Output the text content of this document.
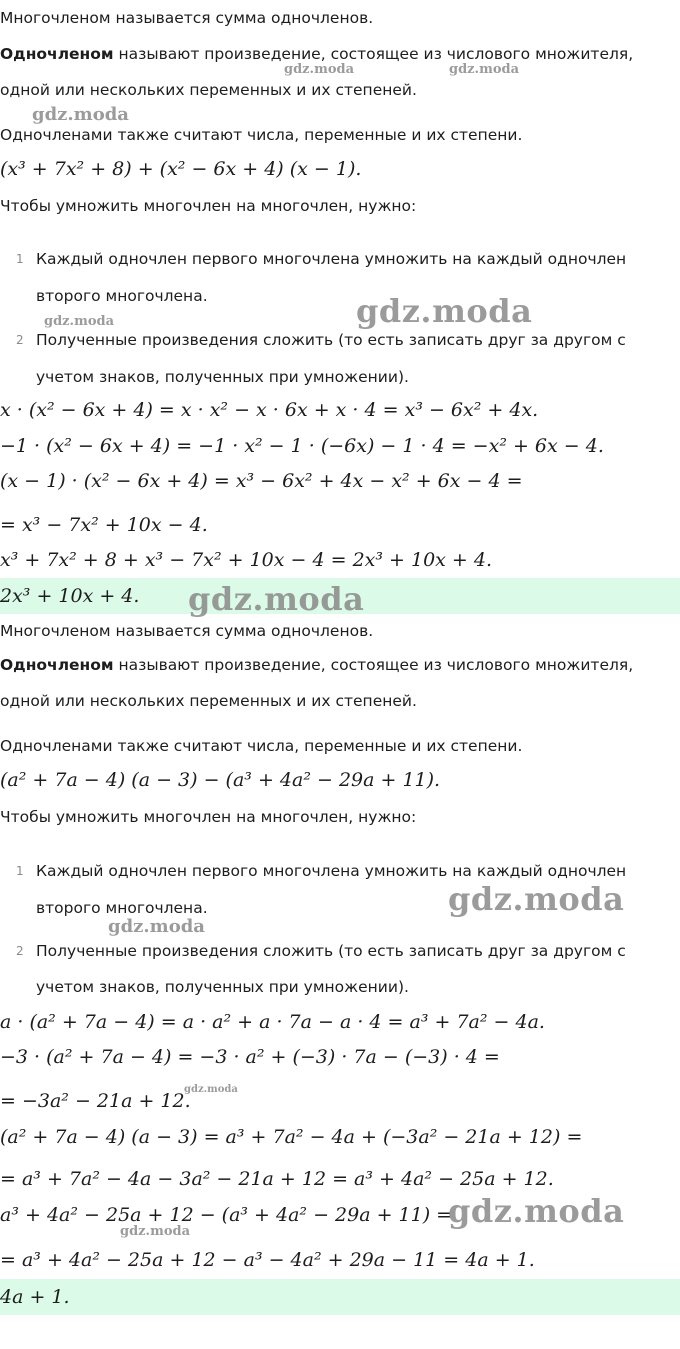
Многочленом называется сумма одночленов.
Одночленом называют произведение, состоящее из числового множителя,
одной или нескольких переменных и их степеней.
Одночленами также считают числа, переменные и их степени.
(x³ + 7x² + 8) + (x² − 6x + 4) (x − 1).
Чтобы умножить многочлен на многочлен, нужно:
1 Каждый одночлен первого многочлена умножить на каждый одночлен
второго многочлена.
2 Полученные произведения сложить (то есть записать друг за другом с
учетом знаков, полученных при умножении).
x · (x² − 6x + 4) = x · x² − x · 6x + x · 4 = x³ − 6x² + 4x.
−1 · (x² − 6x + 4) = −1 · x² − 1 · (−6x) − 1 · 4 = −x² + 6x − 4.
(x − 1) · (x² − 6x + 4) = x³ − 6x² + 4x − x² + 6x − 4 =
= x³ − 7x² + 10x − 4.
x³ + 7x² + 8 + x³ − 7x² + 10x − 4 = 2x³ + 10x + 4.
2x³ + 10x + 4.
Многочленом называется сумма одночленов.
Одночленом называют произведение, состоящее из числового множителя,
одной или нескольких переменных и их степеней.
Одночленами также считают числа, переменные и их степени.
(a² + 7a − 4) (a − 3) − (a³ + 4a² − 29a + 11).
Чтобы умножить многочлен на многочлен, нужно:
1 Каждый одночлен первого многочлена умножить на каждый одночлен
второго многочлена.
2 Полученные произведения сложить (то есть записать друг за другом с
учетом знаков, полученных при умножении).
a · (a² + 7a − 4) = a · a² + a · 7a − a · 4 = a³ + 7a² − 4a.
−3 · (a² + 7a − 4) = −3 · a² + (−3) · 7a − (−3) · 4 =
= −3a² − 21a + 12.
(a² + 7a − 4) (a − 3) = a³ + 7a² − 4a + (−3a² − 21a + 12) =
= a³ + 7a² − 4a − 3a² − 21a + 12 = a³ + 4a² − 25a + 12.
a³ + 4a² − 25a + 12 − (a³ + 4a² − 29a + 11) =
= a³ + 4a² − 25a + 12 − a³ − 4a² + 29a − 11 = 4a + 1.
4a + 1.
gdz.moda	gdz.moda
gdz.moda
gdz.moda
gdz.moda
gdz.moda
gdz.moda
gdz.moda
gdz.moda
gdz.moda
gdz.moda
